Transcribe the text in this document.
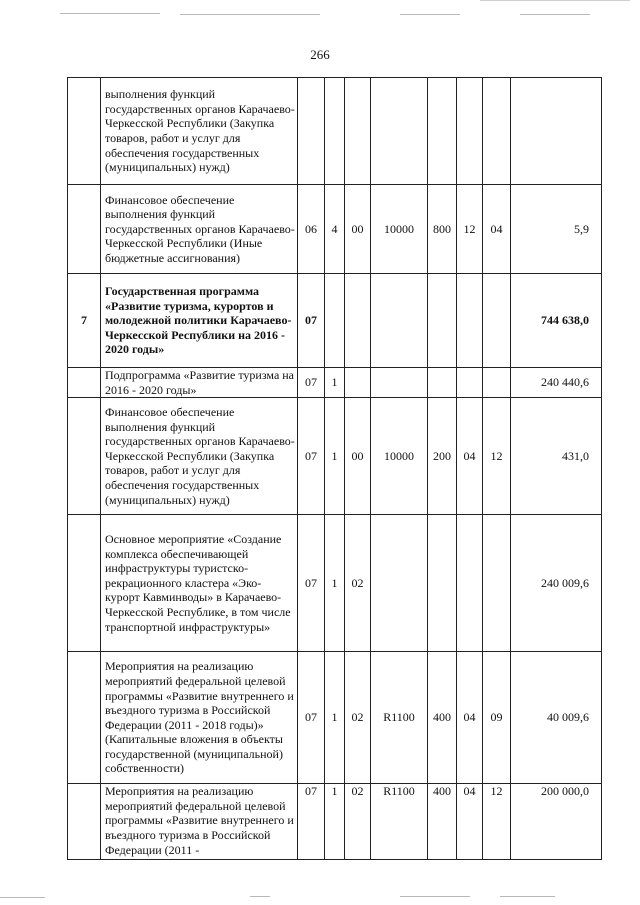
266
	выполнения функций государственных органов Карачаево-Черкесской Республики (Закупка товаров, работ и услуг для обеспечения государственных (муниципальных) нужд)								
	Финансовое обеспечение выполнения функций государственных органов Карачаево-Черкесской Республики (Иные бюджетные ассигнования)	06	4	00	10000	800	12	04	5,9
7	Государственная программа «Развитие туризма, курортов и молодежной политики Карачаево-Черкесской Республики на 2016 - 2020 годы»	07							744 638,0
	Подпрограмма «Развитие туризма на 2016 - 2020 годы»	07	1						240 440,6
	Финансовое обеспечение выполнения функций государственных органов Карачаево-Черкесской Республики (Закупка товаров, работ и услуг для обеспечения государственных (муниципальных) нужд)	07	1	00	10000	200	04	12	431,0
	Основное мероприятие «Создание комплекса обеспечивающей инфраструктуры туристско-рекрационного кластера «Эко-курорт Кавминводы» в Карачаево-Черкесской Республике, в том числе транспортной инфраструктуры»	07	1	02					240 009,6
	Мероприятия на реализацию мероприятий федеральной целевой программы «Развитие внутреннего и въездного туризма в Российской Федерации (2011 - 2018 годы)» (Капитальные вложения в объекты государственной (муниципальной) собственности)	07	1	02	R1100	400	04	09	40 009,6
	Мероприятия на реализацию мероприятий федеральной целевой программы «Развитие внутреннего и въездного туризма в Российской Федерации (2011 -	07	1	02	R1100	400	04	12	200 000,0
